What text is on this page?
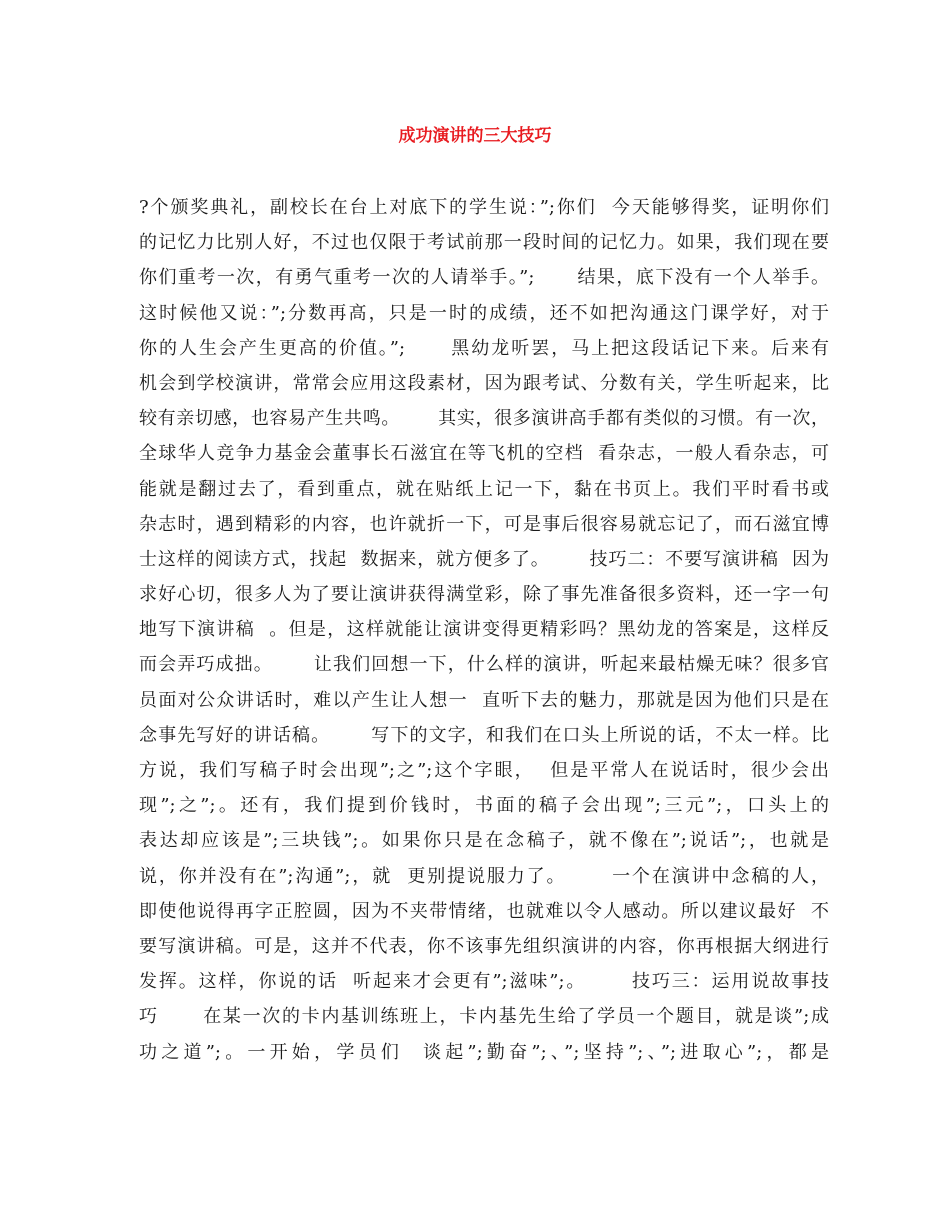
成功演讲的三大技巧
?个颁奖典礼，副校长在台上对底下的学生说：”;你们  今天能够得奖，证明你们
的记忆力比别人好，不过也仅限于考试前那一段时间的记忆力。如果，我们现在要
你们重考一次，有勇气重考一次的人请举手。”;      结果，底下没有一个人举手。
这时候他又说：”;分数再高，只是一时的成绩，还不如把沟通这门课学好，对于
你的人生会产生更高的价值。”;      黑幼龙听罢，马上把这段话记下来。后来有
机会到学校演讲，常常会应用这段素材，因为跟考试、分数有关，学生听起来，比
较有亲切感，也容易产生共鸣。      其实，很多演讲高手都有类似的习惯。有一次，
全球华人竞争力基金会董事长石滋宜在等飞机的空档  看杂志，一般人看杂志，可
能就是翻过去了，看到重点，就在贴纸上记一下，黏在书页上。我们平时看书或
杂志时，遇到精彩的内容，也许就折一下，可是事后很容易就忘记了，而石滋宜博
士这样的阅读方式，找起  数据来，就方便多了。      技巧二：不要写演讲稿  因为
求好心切，很多人为了要让演讲获得满堂彩，除了事先准备很多资料，还一字一句
地写下演讲稿  。但是，这样就能让演讲变得更精彩吗？黑幼龙的答案是，这样反
而会弄巧成拙。      让我们回想一下，什么样的演讲，听起来最枯燥无味？很多官
员面对公众讲话时，难以产生让人想一  直听下去的魅力，那就是因为他们只是在
念事先写好的讲话稿。      写下的文字，和我们在口头上所说的话，不太一样。比
方说，我们写稿子时会出现”;之”;这个字眼，  但是平常人在说话时，很少会出
现”;之”;。还有，我们提到价钱时，书面的稿子会出现”;三元”;，口头上的
表达却应该是”;三块钱”;。如果你只是在念稿子，就不像在”;说话”;，也就是
说，你并没有在”;沟通”;，就  更别提说服力了。      一个在演讲中念稿的人，
即使他说得再字正腔圆，因为不夹带情绪，也就难以令人感动。所以建议最好  不
要写演讲稿。可是，这并不代表，你不该事先组织演讲的内容，你再根据大纲进行
发挥。这样，你说的话  听起来才会更有”;滋味”;。      技巧三：运用说故事技
巧      在某一次的卡内基训练班上，卡内基先生给了学员一个题目，就是谈”;成
功之道”;。一开始，学员们  谈起”;勤奋”;、”;坚持”;、”;进取心”;，都是
